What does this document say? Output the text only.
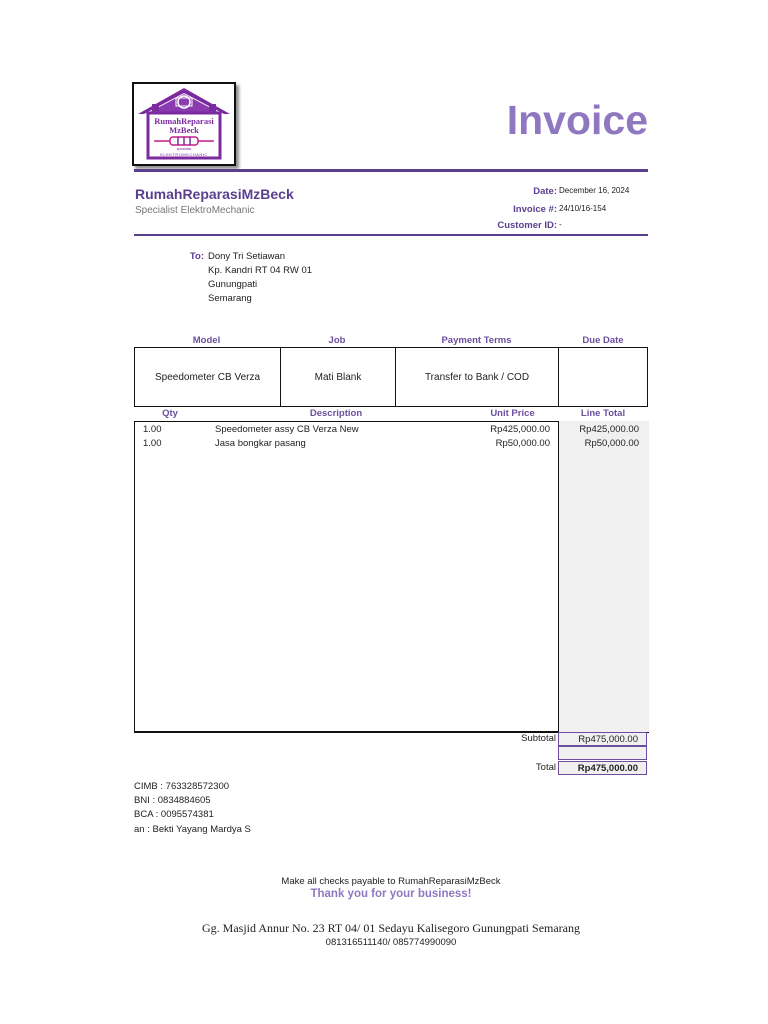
RumahReparasi
MzBeck
spesialist
ELEKTROMECHANIC
Invoice
RumahReparasiMzBeck
Specialist ElektroMechanic
Date: December 16, 2024
Invoice #: 24/10/16-154
Customer ID: -
To: Dony Tri Setiawan
Kp. Kandri RT 04 RW 01
Gunungpati
Semarang
Model	Job	Payment Terms	Due Date
Speedometer CB Verza	Mati Blank	Transfer to Bank / COD
Qty	Description	Unit Price	Line Total
1.00	Speedometer assy CB Verza New	Rp425,000.00	Rp425,000.00
1.00	Jasa bongkar pasang	Rp50,000.00	Rp50,000.00
Subtotal	Rp475,000.00
Total	Rp475,000.00
CIMB : 763328572300
BNI : 0834884605
BCA : 0095574381
an : Bekti Yayang Mardya S
Make all checks payable to RumahReparasiMzBeck
Thank you for your business!
Gg. Masjid Annur No. 23 RT 04/ 01 Sedayu Kalisegoro Gunungpati Semarang
081316511140/ 085774990090
